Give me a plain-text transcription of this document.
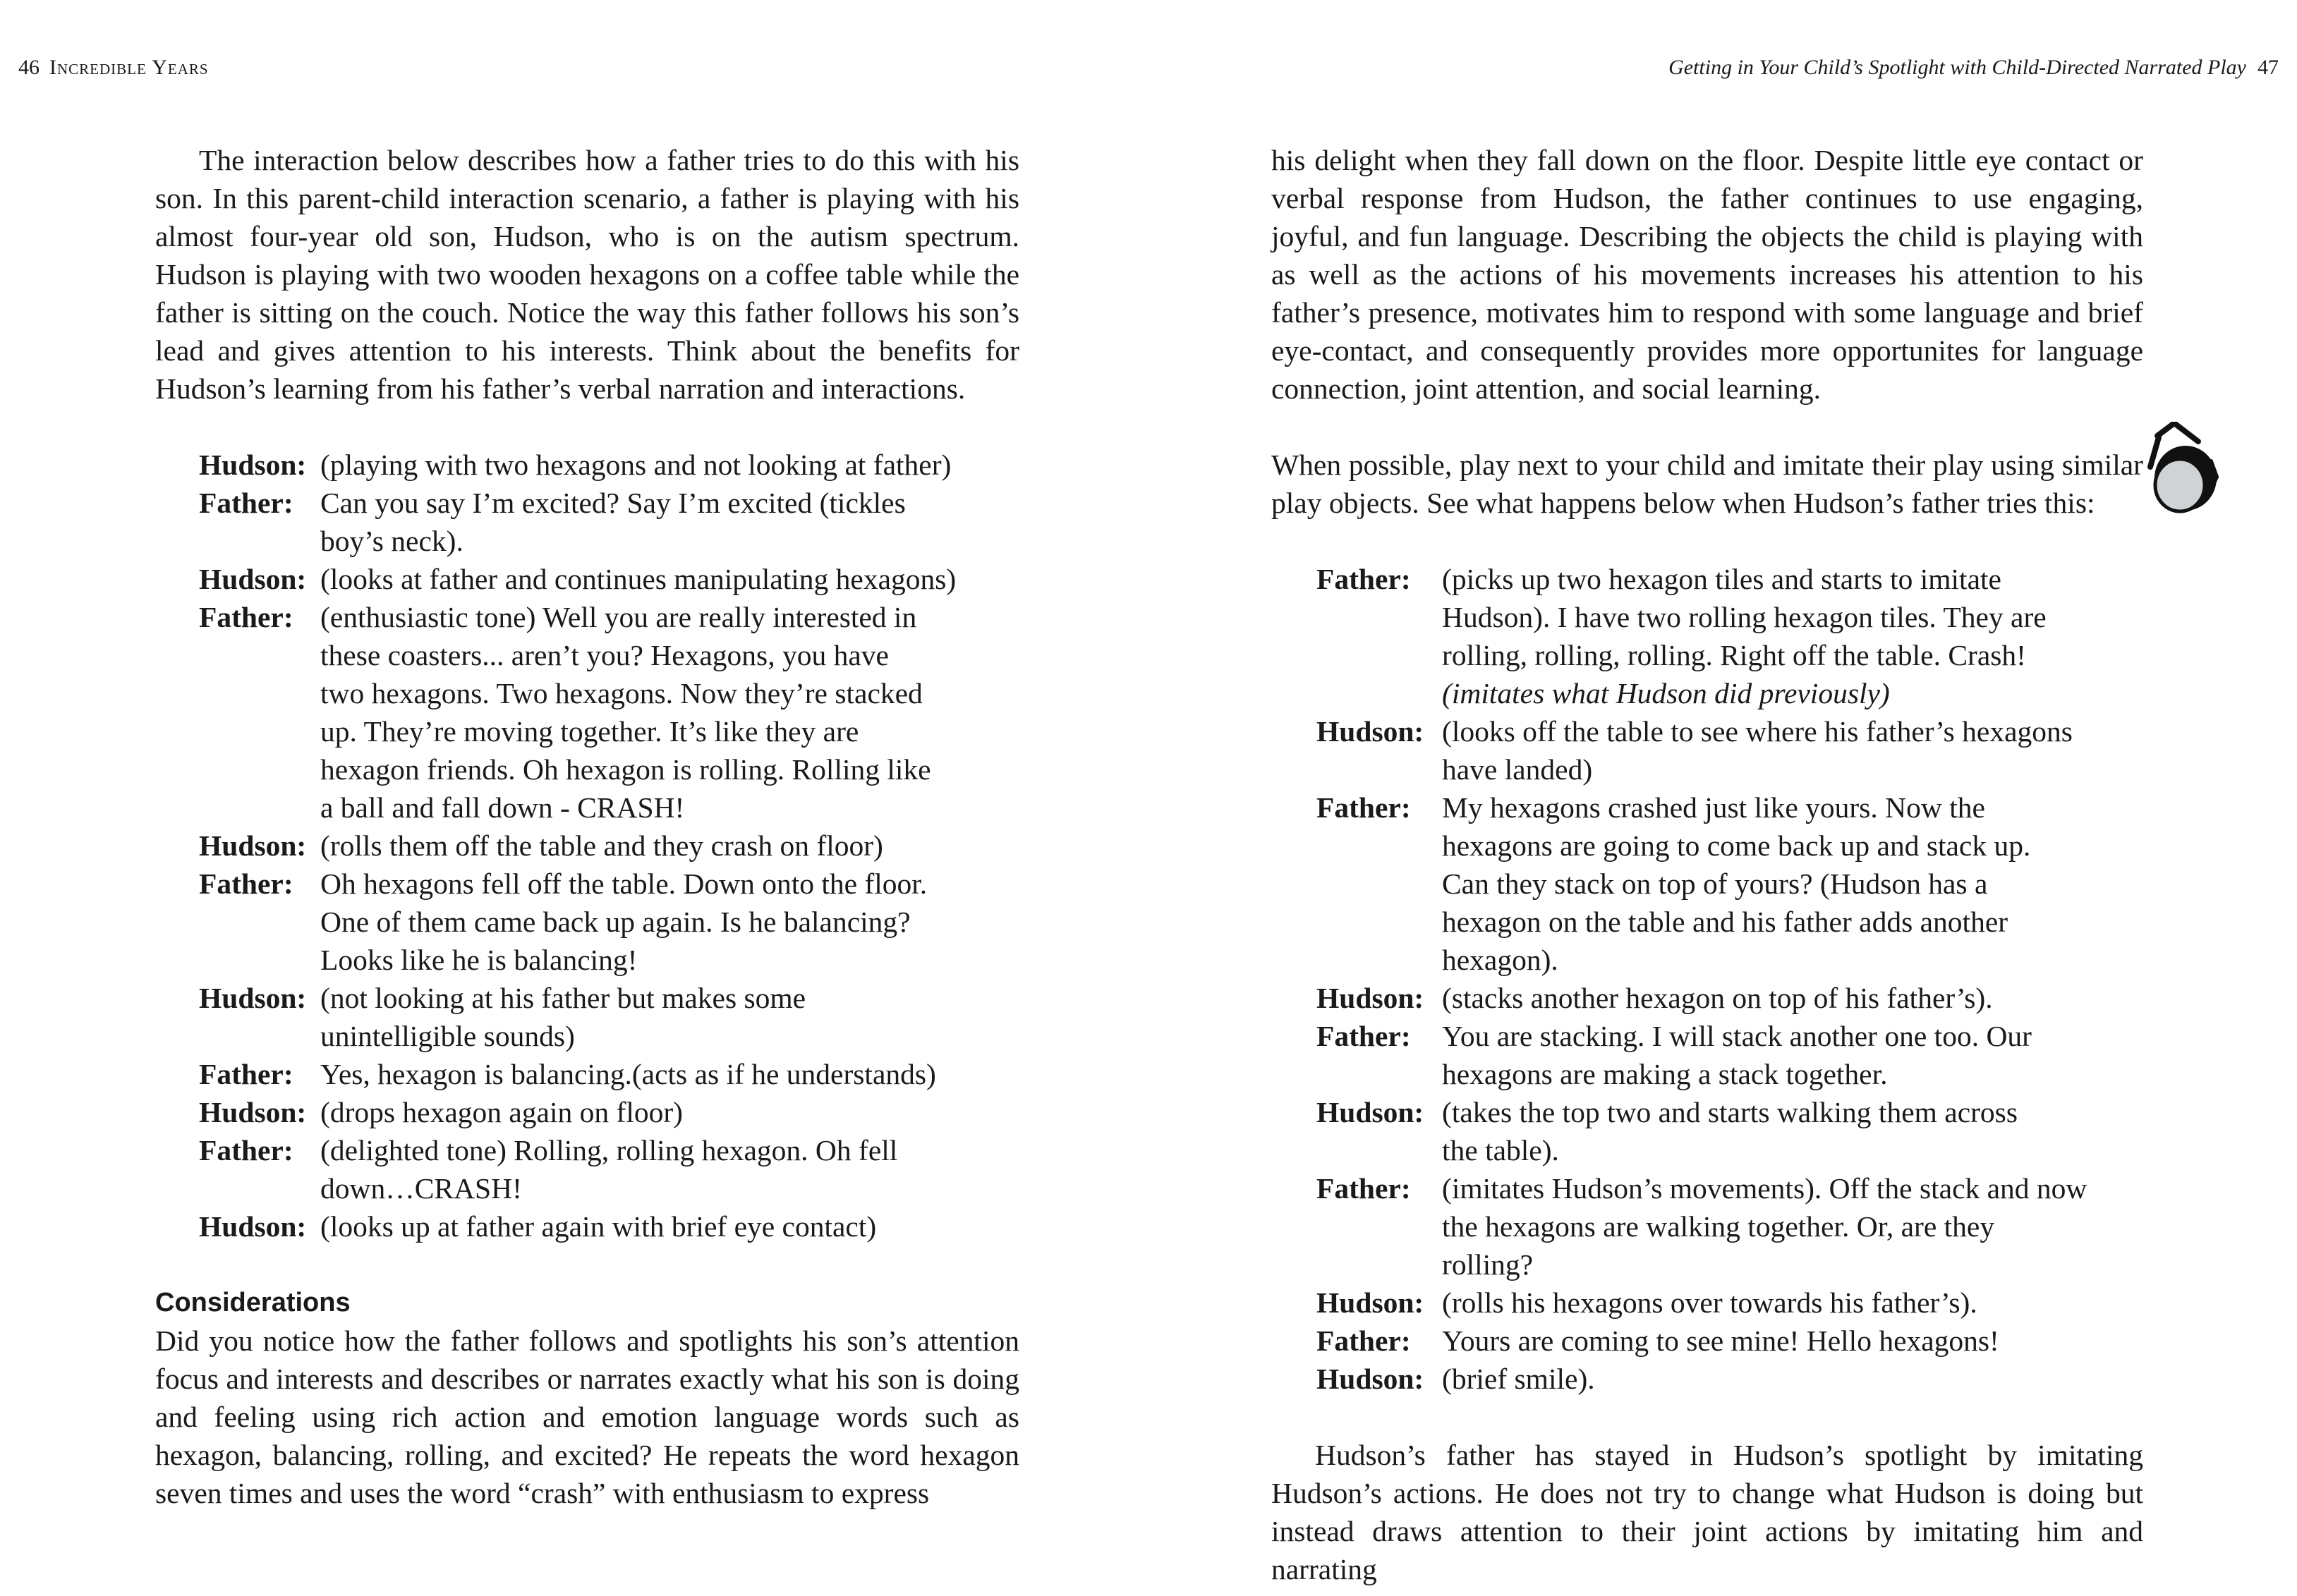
46 Incredible Years

The interaction below describes how a father tries to do this with his son. In this parent-child interaction scenario, a father is playing with his almost four-year old son, Hudson, who is on the autism spectrum. Hudson is playing with two wooden hexagons on a coffee table while the father is sitting on the couch. Notice the way this father follows his son’s lead and gives attention to his interests. Think about the benefits for Hudson’s learning from his father’s verbal narration and interactions.

Hudson: (playing with two hexagons and not looking at father)
Father: Can you say I’m excited? Say I’m excited (tickles boy’s neck).
Hudson: (looks at father and continues manipulating hexagons)
Father: (enthusiastic tone) Well you are really interested in these coasters... aren’t you? Hexagons, you have two hexagons. Two hexagons. Now they’re stacked up. They’re moving together. It’s like they are hexagon friends. Oh hexagon is rolling. Rolling like a ball and fall down - CRASH!
Hudson: (rolls them off the table and they crash on floor)
Father: Oh hexagons fell off the table. Down onto the floor. One of them came back up again. Is he balancing? Looks like he is balancing!
Hudson: (not looking at his father but makes some unintelligible sounds)
Father: Yes, hexagon is balancing.(acts as if he understands)
Hudson: (drops hexagon again on floor)
Father: (delighted tone) Rolling, rolling hexagon. Oh fell down…CRASH!
Hudson: (looks up at father again with brief eye contact)
Considerations

Did you notice how the father follows and spotlights his son’s attention focus and interests and describes or narrates exactly what his son is doing and feeling using rich action and emotion language words such as hexagon, balancing, rolling, and excited? He repeats the word hexagon seven times and uses the word “crash” with enthusiasm to express

Getting in Your Child’s Spotlight with Child-Directed Narrated Play 47

his delight when they fall down on the floor. Despite little eye contact or verbal response from Hudson, the father continues to use engaging, joyful, and fun language. Describing the objects the child is playing with as well as the actions of his movements increases his attention to his father’s presence, motivates him to respond with some language and brief eye-contact, and consequently provides more opportunites for language connection, joint attention, and social learning.

When possible, play next to your child and imitate their play using similar play objects. See what happens below when Hudson’s father tries this:

Father:	(picks up two hexagon tiles and starts to imitate Hudson). I have two rolling hexagon tiles. They are rolling, rolling, rolling. Right off the table. Crash! (imitates what Hudson did previously)
Hudson: (looks off the table to see where his father’s hexagons have landed)
Father:	My hexagons crashed just like yours. Now the hexagons are going to come back up and stack up. Can they stack on top of yours? (Hudson has a hexagon on the table and his father adds another hexagon).
Hudson: (stacks another hexagon on top of his father’s).
Father:	You are stacking. I will stack another one too. Our hexagons are making a stack together.
Hudson: (takes the top two and starts walking them across the table).
Father:	(imitates Hudson’s movements). Off the stack and now the hexagons are walking together. Or, are they rolling?
Hudson: (rolls his hexagons over towards his father’s).
Father:	Yours are coming to see mine! Hello hexagons!
Hudson: (brief smile).

Hudson’s father has stayed in Hudson’s spotlight by imitating Hudson’s actions. He does not try to change what Hudson is doing but instead draws attention to their joint actions by imitating him and narrating
